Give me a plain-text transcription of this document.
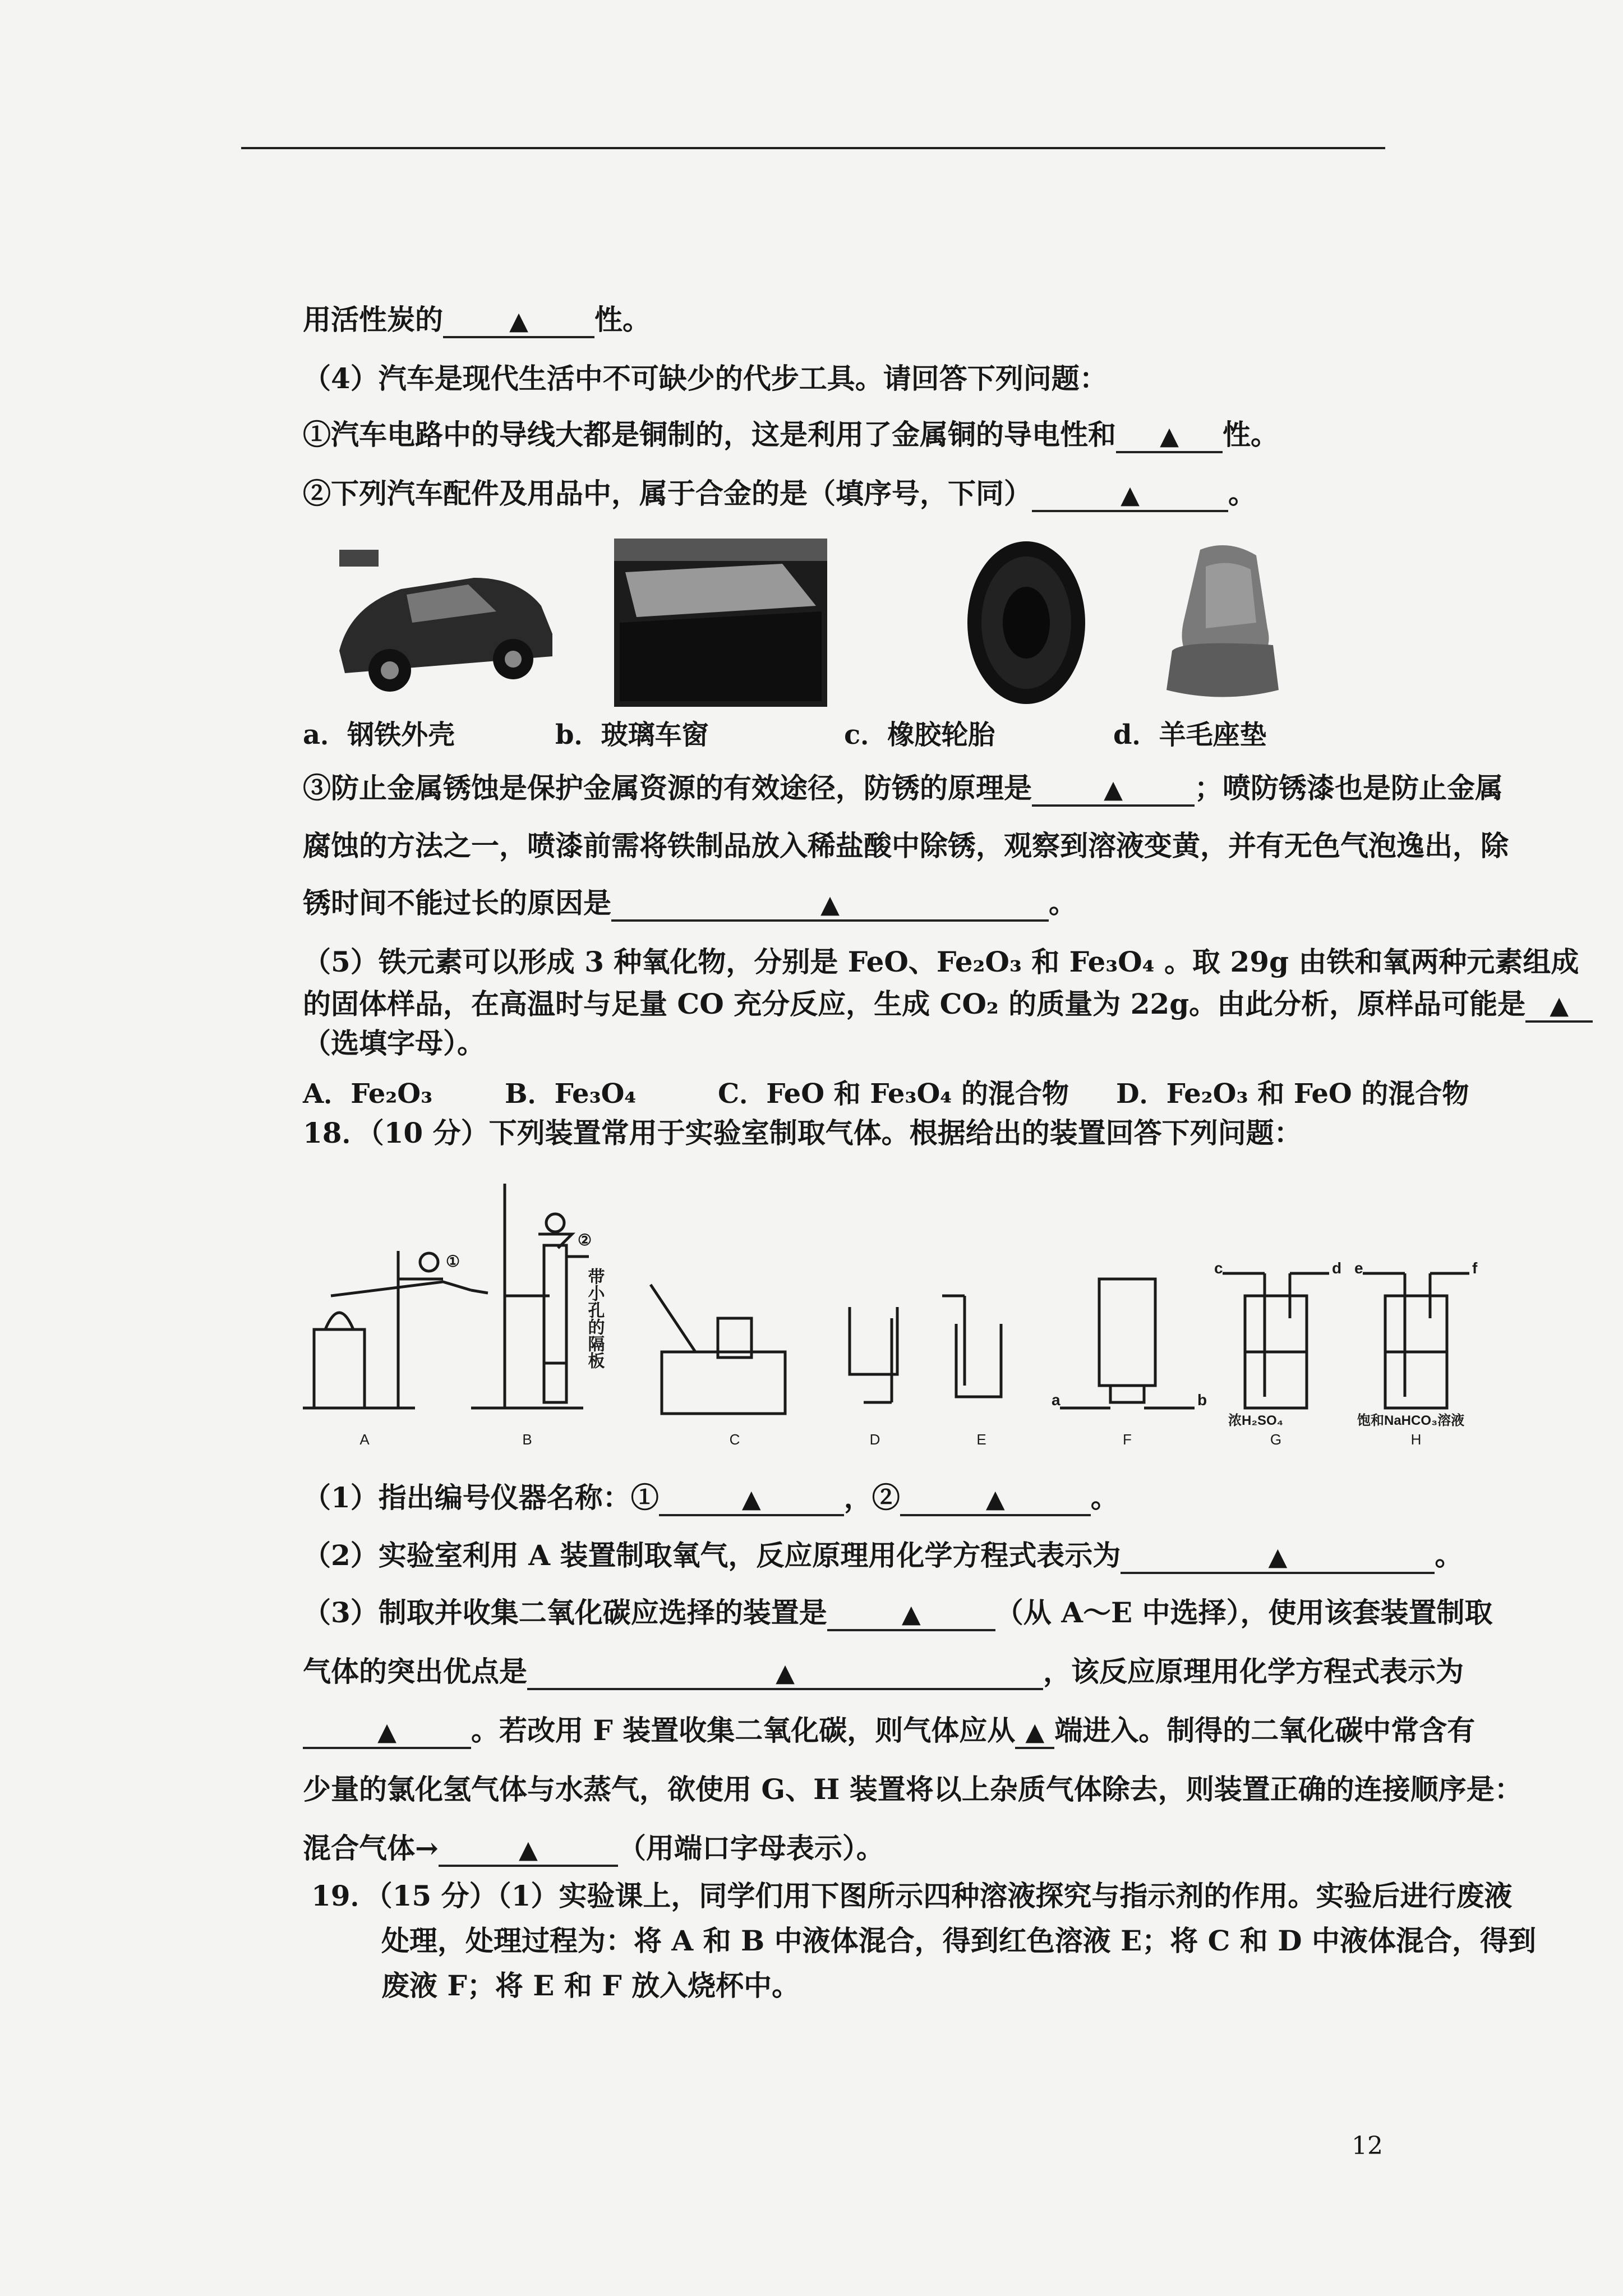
用活性炭的	▲ 性。
（4）汽车是现代生活中不可缺少的代步工具。请回答下列问题：
①汽车电路中的导线大都是铜制的，这是利用了金属铜的导电性和 ▲ 性。
②下列汽车配件及用品中，属于合金的是（填序号，下同）	▲	。
a．钢铁外壳	b．玻璃车窗	c．橡胶轮胎	d．羊毛座垫
③防止金属锈蚀是保护金属资源的有效途径，防锈的原理是	▲	；喷防锈漆也是防止金属
腐蚀的方法之一，喷漆前需将铁制品放入稀盐酸中除锈，观察到溶液变黄，并有无色气泡逸出，除
锈时间不能过长的原因是	▲	。
（5）铁元素可以形成 3 种氧化物，分别是 FeO、Fe₂O₃ 和 Fe₃O₄ 。取 29g 由铁和氧两种元素组成
的固体样品，在高温时与足量 CO 充分反应，生成 CO₂ 的质量为 22g。由此分析，原样品可能是 ▲
（选填字母）。
A．Fe₂O₃	B．Fe₃O₄	C．FeO 和 Fe₃O₄ 的混合物 D．Fe₂O₃ 和 FeO 的混合物
18．（10 分）下列装置常用于实验室制取气体。根据给出的装置回答下列问题：
①
②
c	d e	f
a	b
带小孔的隔板
浓H₂SO₄	饱和NaHCO₃溶液
A	B	C	D	E	F	G	H
（1）指出编号仪器名称：①	▲	，②	▲	。
（2）实验室利用 A 装置制取氧气，反应原理用化学方程式表示为	▲	。
（3）制取并收集二氧化碳应选择的装置是	▲	（从 A～E 中选择），使用该套装置制取
气体的突出优点是	▲	，该反应原理用化学方程式表示为
▲	。若改用 F 装置收集二氧化碳，则气体应从 ▲ 端进入。制得的二氧化碳中常含有
少量的氯化氢气体与水蒸气，欲使用 G、H 装置将以上杂质气体除去，则装置正确的连接顺序是：
混合气体→	▲	（用端口字母表示）。
19．（15 分）（1）实验课上，同学们用下图所示四种溶液探究与指示剂的作用。实验后进行废液
处理，处理过程为：将 A 和 B 中液体混合，得到红色溶液 E；将 C 和 D 中液体混合，得到
废液 F；将 E 和 F 放入烧杯中。
12
